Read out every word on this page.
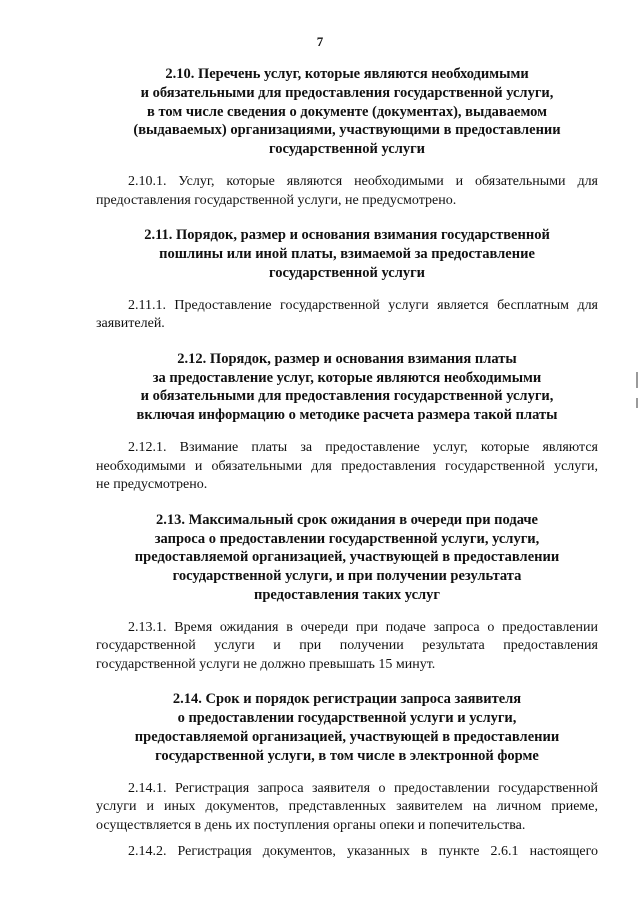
7
2.10. Перечень услуг, которые являются необходимыми
и обязательными для предоставления государственной услуги,
в том числе сведения о документе (документах), выдаваемом
(выдаваемых) организациями, участвующими в предоставлении
государственной услуги
2.10.1. Услуг, которые являются необходимыми и обязательными для
предоставления государственной услуги, не предусмотрено.
2.11. Порядок, размер и основания взимания государственной
пошлины или иной платы, взимаемой за предоставление
государственной услуги
2.11.1. Предоставление государственной услуги является бесплатным для
заявителей.
2.12. Порядок, размер и основания взимания платы
за предоставление услуг, которые являются необходимыми
и обязательными для предоставления государственной услуги,
включая информацию о методике расчета размера такой платы
2.12.1. Взимание платы за предоставление услуг, которые являются
необходимыми и обязательными для предоставления государственной услуги,
не предусмотрено.
2.13. Максимальный срок ожидания в очереди при подаче
запроса о предоставлении государственной услуги, услуги,
предоставляемой организацией, участвующей в предоставлении
государственной услуги, и при получении результата
предоставления таких услуг
2.13.1. Время ожидания в очереди при подаче запроса о предоставлении
государственной услуги и при получении результата предоставления
государственной услуги не должно превышать 15 минут.
2.14. Срок и порядок регистрации запроса заявителя
о предоставлении государственной услуги и услуги,
предоставляемой организацией, участвующей в предоставлении
государственной услуги, в том числе в электронной форме
2.14.1. Регистрация запроса заявителя о предоставлении государственной
услуги и иных документов, представленных заявителем на личном приеме,
осуществляется в день их поступления органы опеки и попечительства.
2.14.2. Регистрация документов, указанных в пункте 2.6.1 настоящего
